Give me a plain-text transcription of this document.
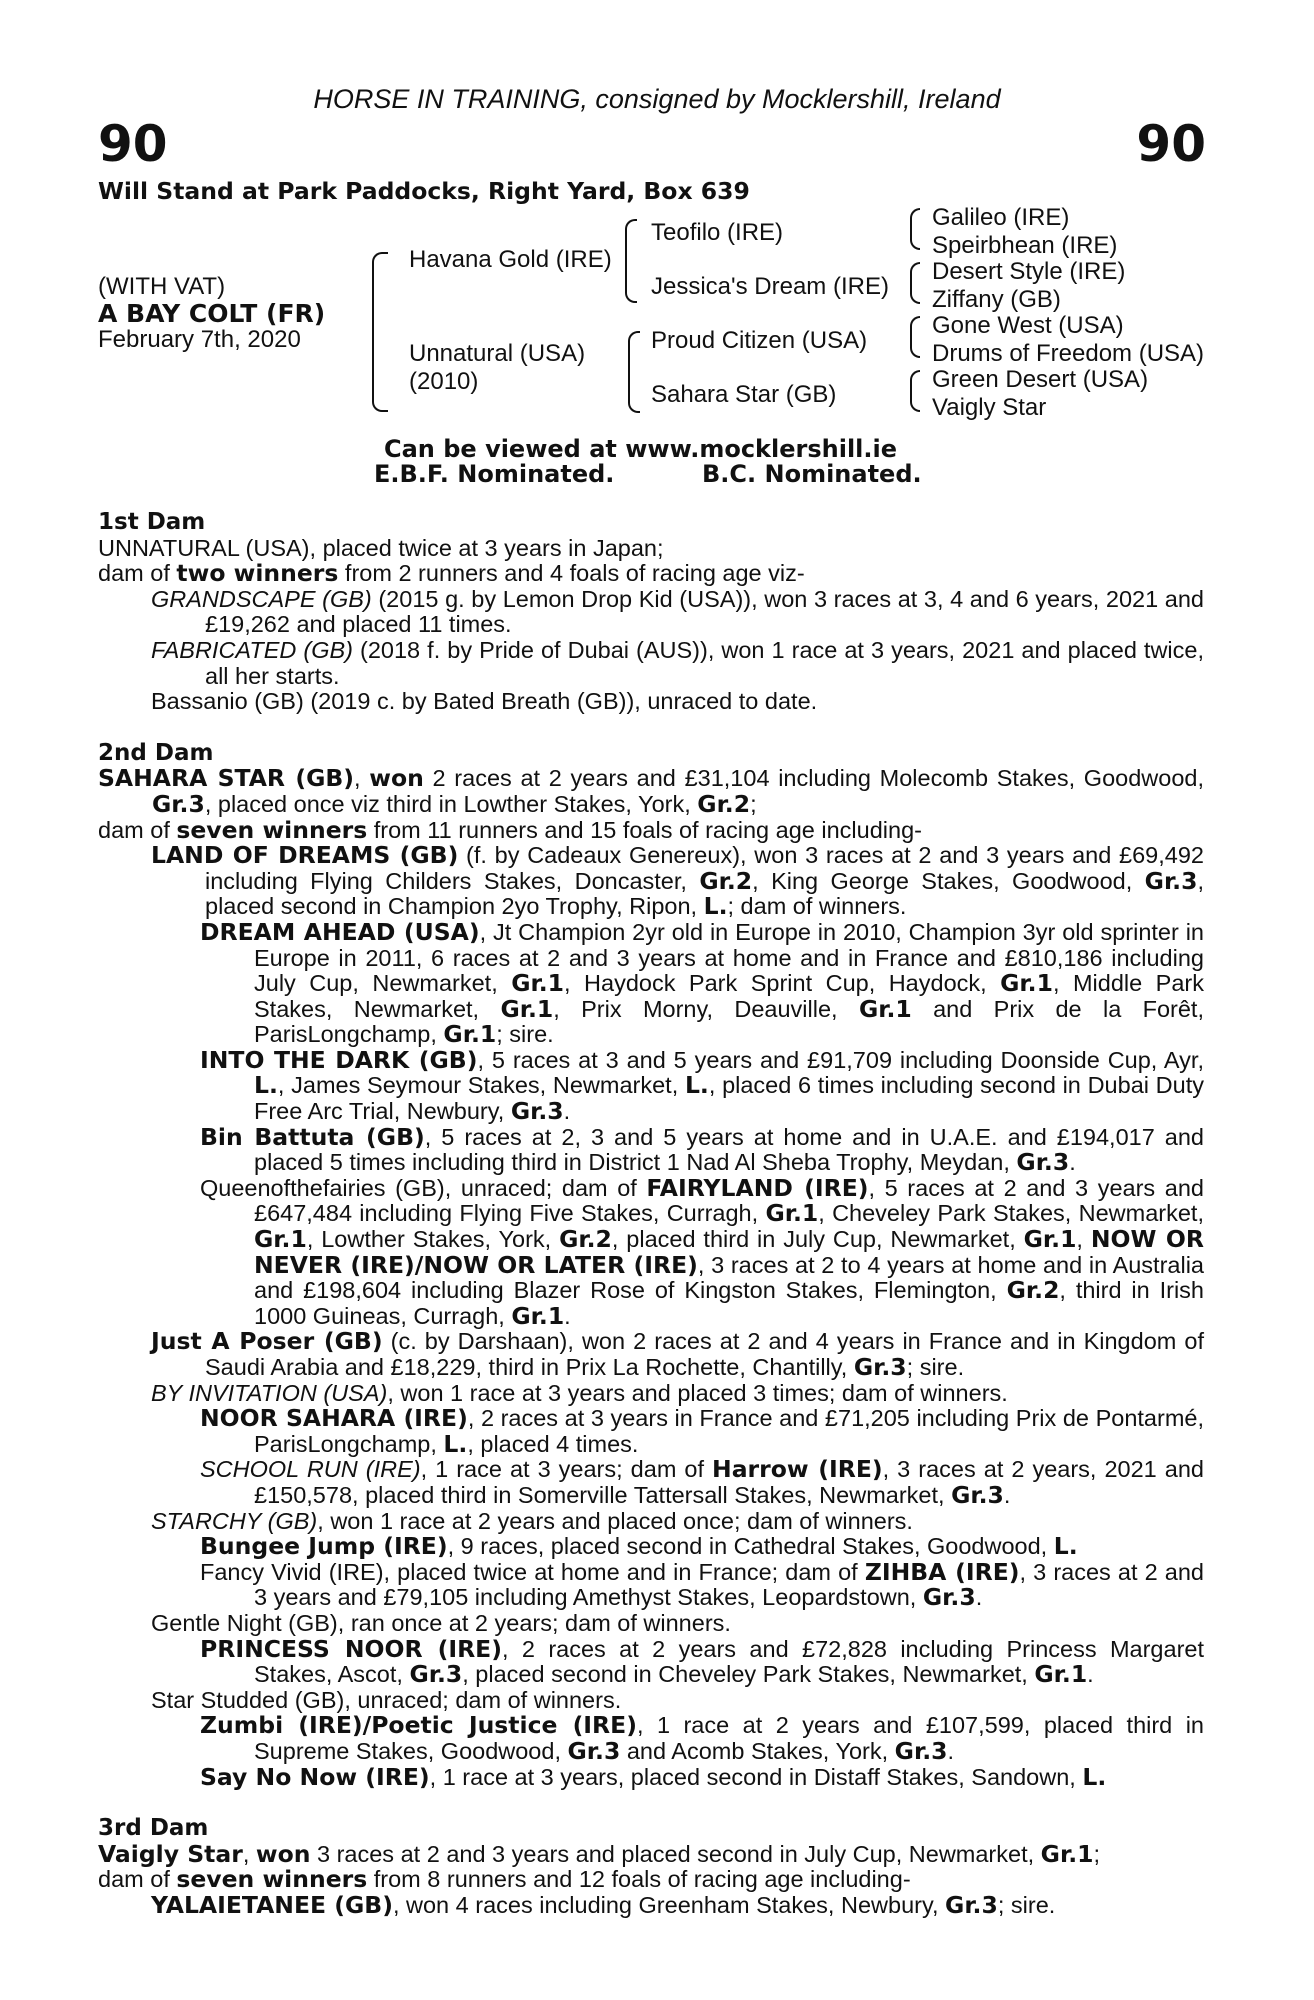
HORSE IN TRAINING, consigned by Mocklershill, Ireland
90	90
Will Stand at Park Paddocks, Right Yard, Box 639
(WITH VAT)
A BAY COLT (FR)
February 7th, 2020
Havana Gold (IRE)
Unnatural (USA)
(2010)
Teofilo (IRE)
Jessica's Dream (IRE)
Proud Citizen (USA)
Sahara Star (GB)
Galileo (IRE)
Speirbhean (IRE)
Desert Style (IRE)
Ziffany (GB)
Gone West (USA)
Drums of Freedom (USA)
Green Desert (USA)
Vaigly Star
Can be viewed at www.mocklershill.ie
E.B.F. Nominated.	B.C. Nominated.
1st Dam
UNNATURAL (USA), placed twice at 3 years in Japan;
dam of two winners from 2 runners and 4 foals of racing age viz-
GRANDSCAPE (GB) (2015 g. by Lemon Drop Kid (USA)), won 3 races at 3, 4 and 6 years, 2021 and £19,262 and placed 11 times.
FABRICATED (GB) (2018 f. by Pride of Dubai (AUS)), won 1 race at 3 years, 2021 and placed twice, all her starts.
Bassanio (GB) (2019 c. by Bated Breath (GB)), unraced to date.
2nd Dam
SAHARA STAR (GB), won 2 races at 2 years and £31,104 including Molecomb Stakes, Goodwood, Gr.3, placed once viz third in Lowther Stakes, York, Gr.2;
dam of seven winners from 11 runners and 15 foals of racing age including-
LAND OF DREAMS (GB) (f. by Cadeaux Genereux), won 3 races at 2 and 3 years and £69,492 including Flying Childers Stakes, Doncaster, Gr.2, King George Stakes, Goodwood, Gr.3, placed second in Champion 2yo Trophy, Ripon, L.; dam of winners.
DREAM AHEAD (USA), Jt Champion 2yr old in Europe in 2010, Champion 3yr old sprinter in Europe in 2011, 6 races at 2 and 3 years at home and in France and £810,186 including July Cup, Newmarket, Gr.1, Haydock Park Sprint Cup, Haydock, Gr.1, Middle Park Stakes, Newmarket, Gr.1, Prix Morny, Deauville, Gr.1 and Prix de la Forêt, ParisLongchamp, Gr.1; sire.
INTO THE DARK (GB), 5 races at 3 and 5 years and £91,709 including Doonside Cup, Ayr, L., James Seymour Stakes, Newmarket, L., placed 6 times including second in Dubai Duty Free Arc Trial, Newbury, Gr.3.
Bin Battuta (GB), 5 races at 2, 3 and 5 years at home and in U.A.E. and £194,017 and placed 5 times including third in District 1 Nad Al Sheba Trophy, Meydan, Gr.3.
Queenofthefairies (GB), unraced; dam of FAIRYLAND (IRE), 5 races at 2 and 3 years and £647,484 including Flying Five Stakes, Curragh, Gr.1, Cheveley Park Stakes, Newmarket, Gr.1, Lowther Stakes, York, Gr.2, placed third in July Cup, Newmarket, Gr.1, NOW OR NEVER (IRE)/NOW OR LATER (IRE), 3 races at 2 to 4 years at home and in Australia and £198,604 including Blazer Rose of Kingston Stakes, Flemington, Gr.2, third in Irish 1000 Guineas, Curragh, Gr.1.
Just A Poser (GB) (c. by Darshaan), won 2 races at 2 and 4 years in France and in Kingdom of Saudi Arabia and £18,229, third in Prix La Rochette, Chantilly, Gr.3; sire.
BY INVITATION (USA), won 1 race at 3 years and placed 3 times; dam of winners.
NOOR SAHARA (IRE), 2 races at 3 years in France and £71,205 including Prix de Pontarmé, ParisLongchamp, L., placed 4 times.
SCHOOL RUN (IRE), 1 race at 3 years; dam of Harrow (IRE), 3 races at 2 years, 2021 and £150,578, placed third in Somerville Tattersall Stakes, Newmarket, Gr.3.
STARCHY (GB), won 1 race at 2 years and placed once; dam of winners.
Bungee Jump (IRE), 9 races, placed second in Cathedral Stakes, Goodwood, L.
Fancy Vivid (IRE), placed twice at home and in France; dam of ZIHBA (IRE), 3 races at 2 and 3 years and £79,105 including Amethyst Stakes, Leopardstown, Gr.3.
Gentle Night (GB), ran once at 2 years; dam of winners.
PRINCESS NOOR (IRE), 2 races at 2 years and £72,828 including Princess Margaret Stakes, Ascot, Gr.3, placed second in Cheveley Park Stakes, Newmarket, Gr.1.
Star Studded (GB), unraced; dam of winners.
Zumbi (IRE)/Poetic Justice (IRE), 1 race at 2 years and £107,599, placed third in Supreme Stakes, Goodwood, Gr.3 and Acomb Stakes, York, Gr.3.
Say No Now (IRE), 1 race at 3 years, placed second in Distaff Stakes, Sandown, L.
3rd Dam
Vaigly Star, won 3 races at 2 and 3 years and placed second in July Cup, Newmarket, Gr.1;
dam of seven winners from 8 runners and 12 foals of racing age including-
YALAIETANEE (GB), won 4 races including Greenham Stakes, Newbury, Gr.3; sire.
